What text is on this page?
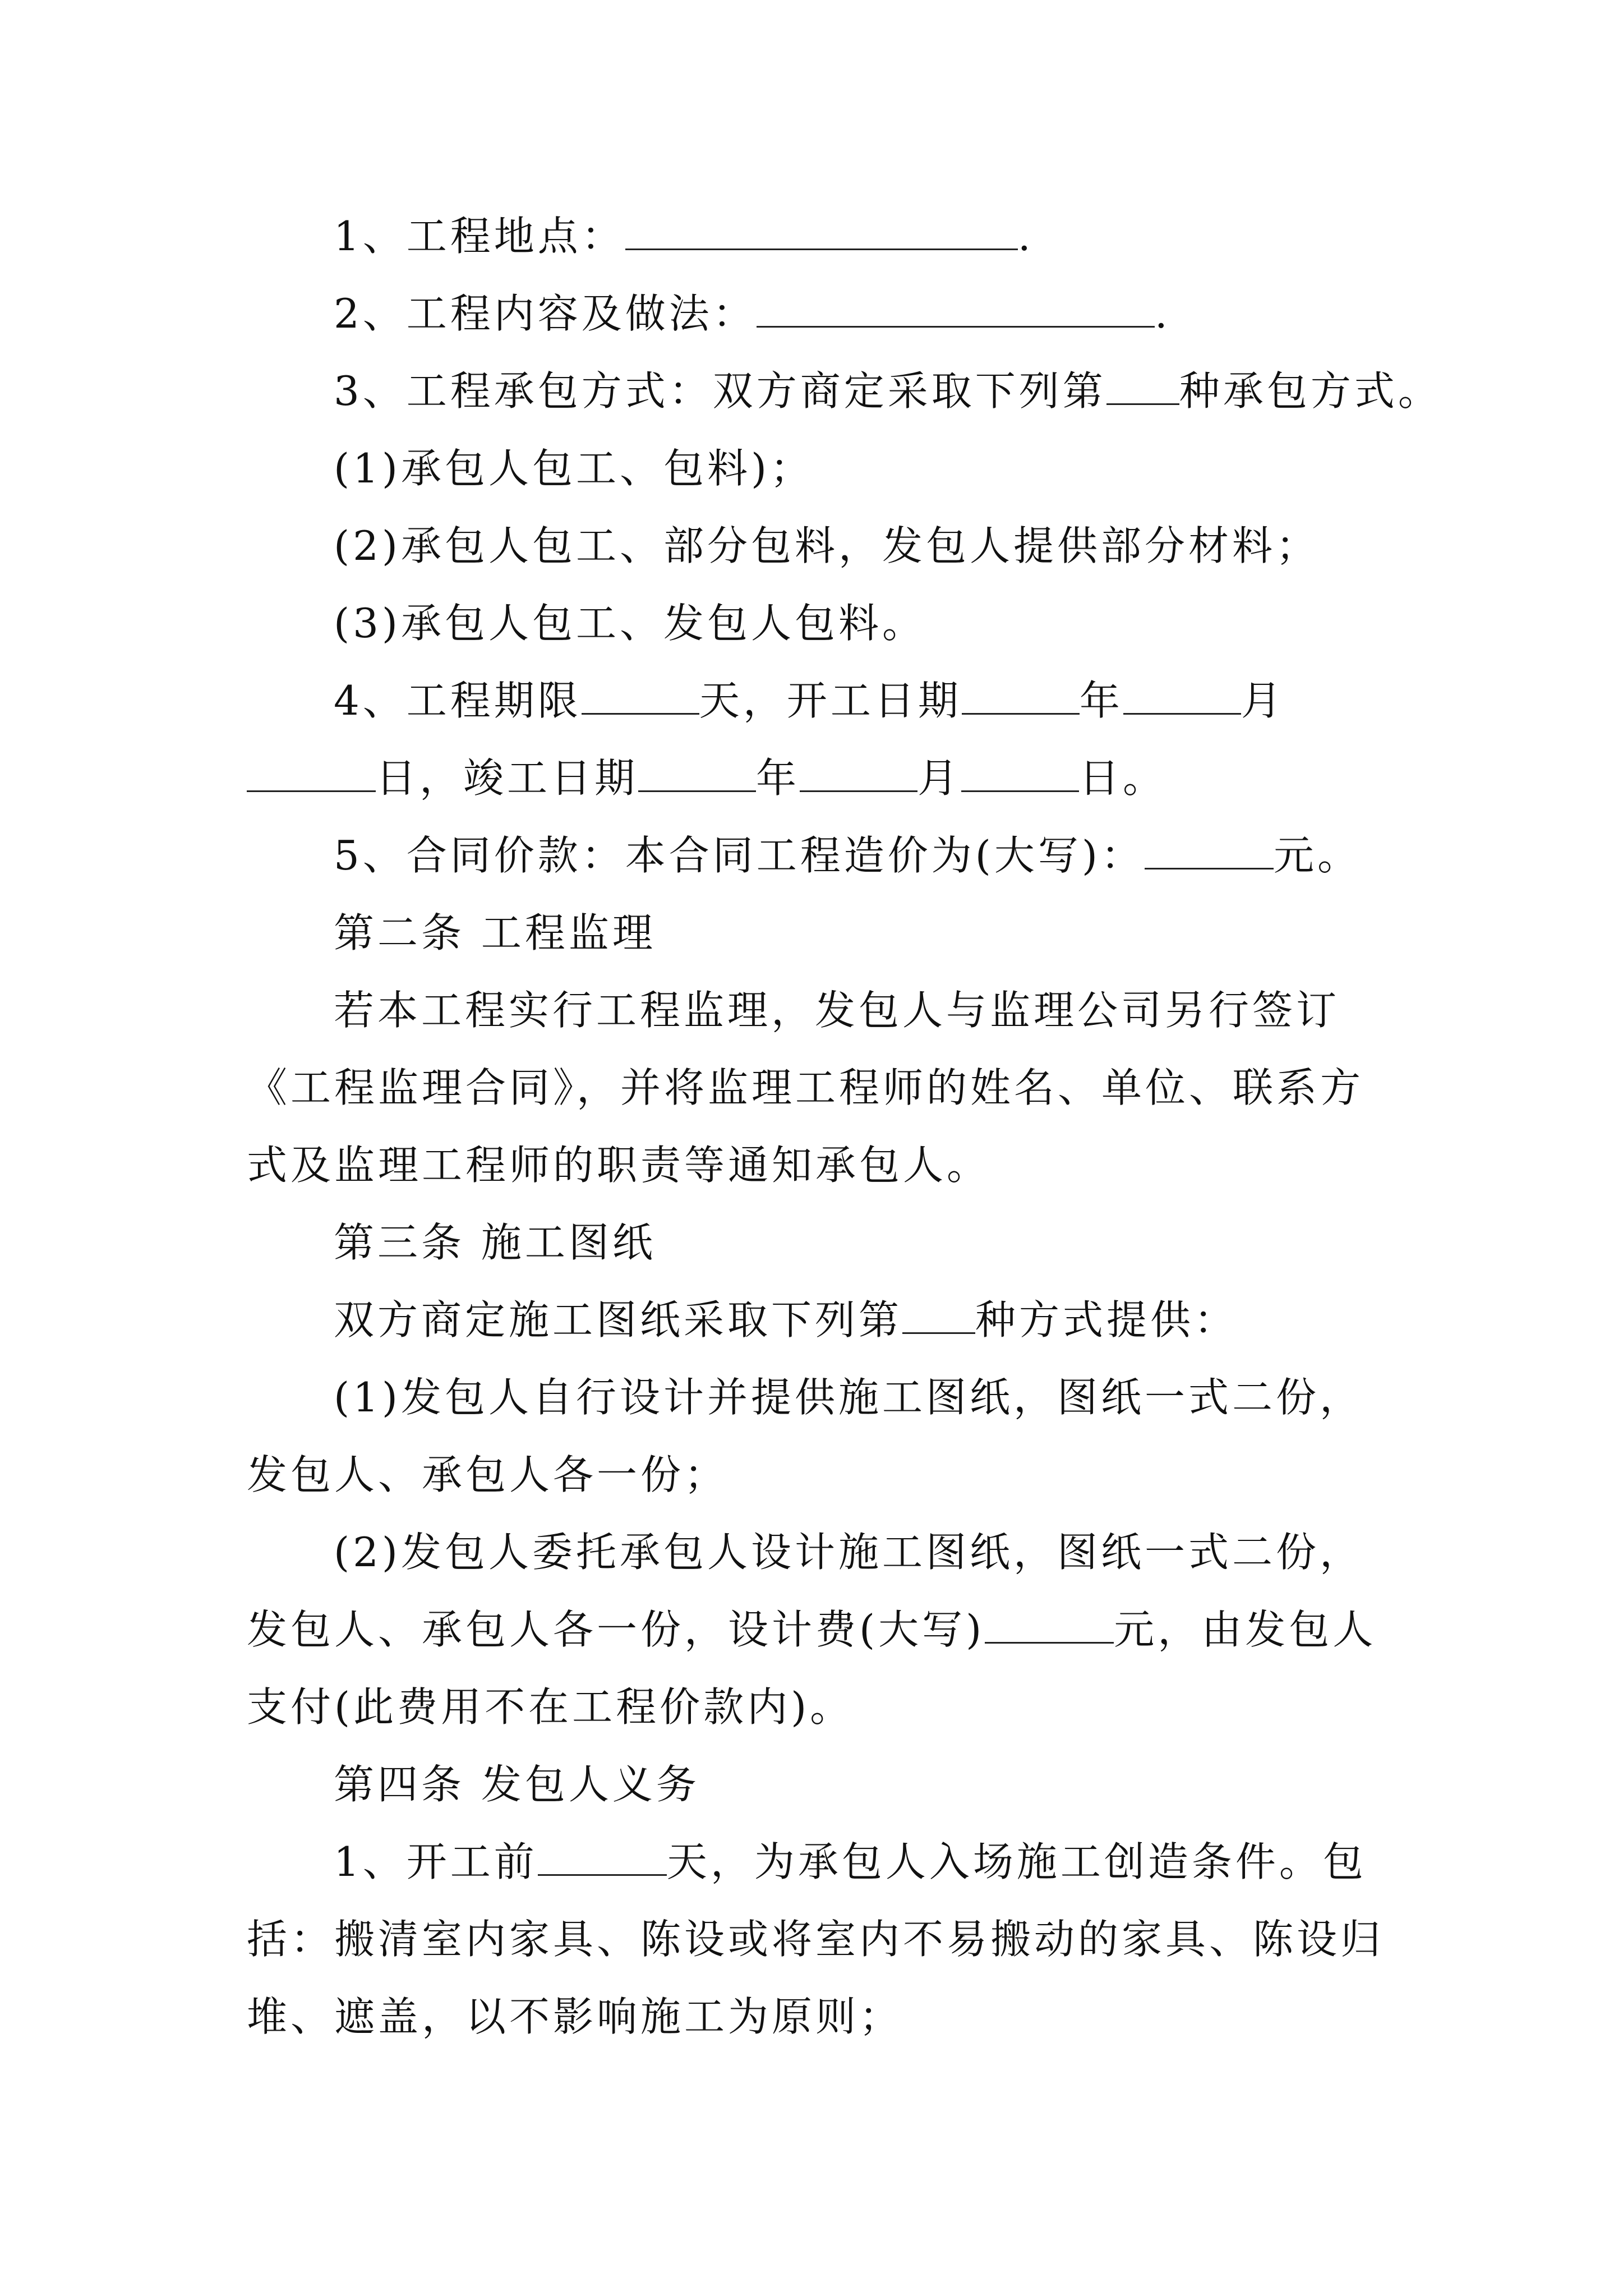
1、工程地点：	.
2、工程内容及做法：	.
3、工程承包方式：双方商定采取下列第 种承包方式。
(1)承包人包工、包料)；
(2)承包人包工、部分包料，发包人提供部分材料；
(3)承包人包工、发包人包料。
4、工程期限	天，开工日期	年	月
日，竣工日期	年	月	日。
5、合同价款：本合同工程造价为(大写)：	元。
第二条 工程监理
若本工程实行工程监理，发包人与监理公司另行签订
《工程监理合同》，并将监理工程师的姓名、单位、联系方
式及监理工程师的职责等通知承包人。
第三条 施工图纸
双方商定施工图纸采取下列第 种方式提供：
(1)发包人自行设计并提供施工图纸，图纸一式二份，
发包人、承包人各一份；
(2)发包人委托承包人设计施工图纸，图纸一式二份，
发包人、承包人各一份，设计费(大写)	元，由发包人
支付(此费用不在工程价款内)。
第四条 发包人义务
1、开工前	天，为承包人入场施工创造条件。包
括：搬清室内家具、陈设或将室内不易搬动的家具、陈设归
堆、遮盖，以不影响施工为原则；
